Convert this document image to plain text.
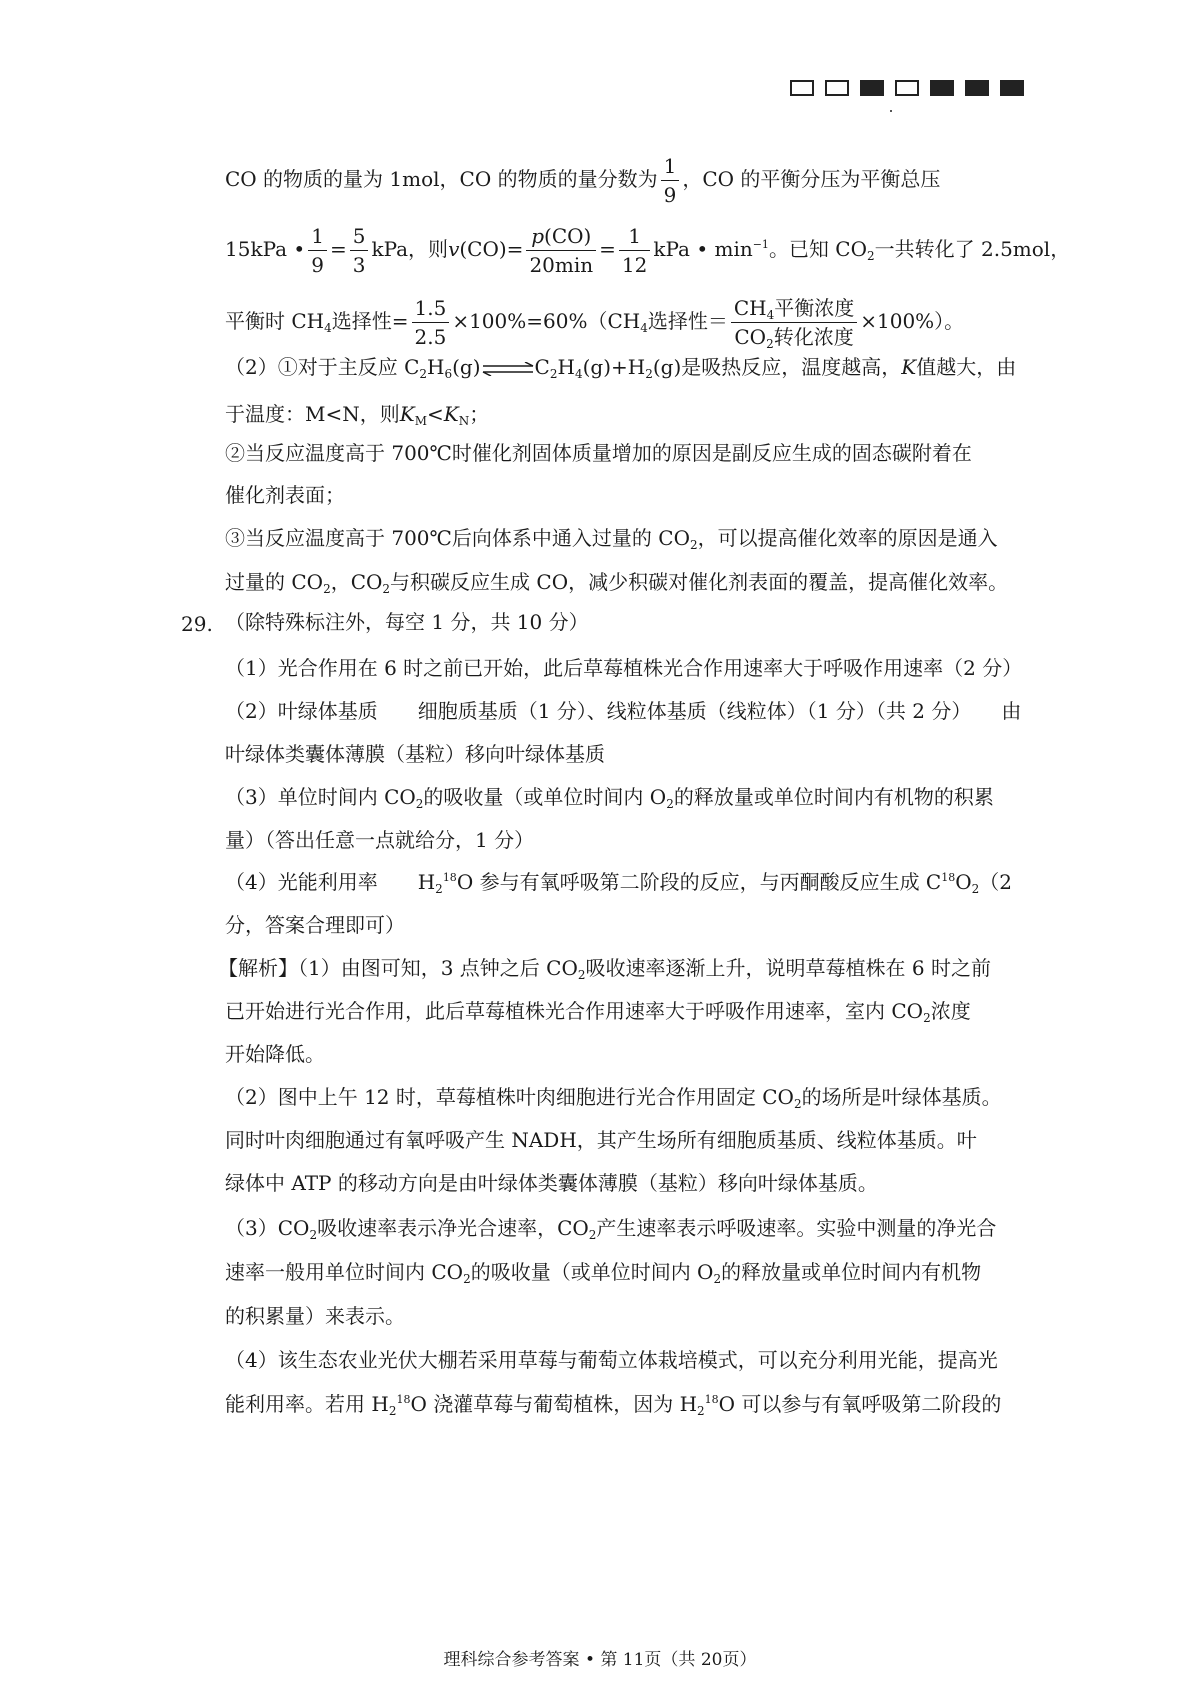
CO 的物质的量为 1mol，CO 的物质的量分数为 $\frac{1}{9}$ ，CO 的平衡分压为平衡总压
15kPa • $\frac{1}{9} = \frac{5}{3}$ kPa，则$v(CO)= \frac{p(CO)}{20\min} = \frac{1}{12}$ kPa • $\min^{-1}$。已知 $CO_2$一共转化了 2.5mol，
平衡时 $CH_4$选择性= $\frac{1.5}{2.5} \times 100\%=60\%(CH_4$选择性＝ $\frac{CH_4平衡浓度}{CO_2转化浓度} \times 100\%$）。
（2）①对于主反应 $C_2H_6(g)\rightleftharpoons C_2H_4(g)+H_2(g)$是吸热反应，温度越高，K值越大，由
于温度：M<N，则$K_M<K_N$；
②当反应温度高于 700℃时催化剂固体质量增加的原因是副反应生成的固态碳附着在
催化剂表面；
③当反应温度高于 700℃后向体系中通入过量的 $CO_2$，可以提高催化效率的原因是通入
过量的 $CO_2$，$CO_2$与积碳反应生成 CO，减少积碳对催化剂表面的覆盖，提高催化效率。
29. （除特殊标注外，每空 1 分，共 10 分）
（1）光合作用在 6 时之前已开始，此后草莓植株光合作用速率大于呼吸作用速率（2 分）
（2）叶绿体基质　　细胞质基质（1 分）、线粒体基质（线粒体）（1 分）（共 2 分）　　由
叶绿体类囊体薄膜（基粒）移向叶绿体基质
（3）单位时间内 $CO_2$的吸收量（或单位时间内 $O_2$的释放量或单位时间内有机物的积累
量）（答出任意一点就给分，1 分）
（4）光能利用率　　$H_2^{18}O$ 参与有氧呼吸第二阶段的反应，与丙酮酸反应生成 $C^{18}O_2(2$
分，答案合理即可）
【解析】（1）由图可知，3 点钟之后 $CO_2$吸收速率逐渐上升，说明草莓植株在 6 时之前
已开始进行光合作用，此后草莓植株光合作用速率大于呼吸作用速率，室内 $CO_2$浓度
开始降低。
（2）图中上午 12 时，草莓植株叶肉细胞进行光合作用固定 $CO_2$的场所是叶绿体基质。
同时叶肉细胞通过有氧呼吸产生 NADH，其产生场所有细胞质基质、线粒体基质。叶
绿体中 ATP 的移动方向是由叶绿体类囊体薄膜（基粒）移向叶绿体基质。
$(3)CO_2$吸收速率表示净光合速率，$CO_2$产生速率表示呼吸速率。实验中测量的净光合
速率一般用单位时间内 $CO_2$的吸收量（或单位时间内 $O_2$的释放量或单位时间内有机物
的积累量）来表示。
（4）该生态农业光伏大棚若采用草莓与葡萄立体栽培模式，可以充分利用光能，提高光
能利用率。若用 $H_2^{18}O$ 浇灌草莓与葡萄植株，因为 $H_2^{18}O$ 可以参与有氧呼吸第二阶段的
理科综合参考答案 • 第 11页（共 20页）
